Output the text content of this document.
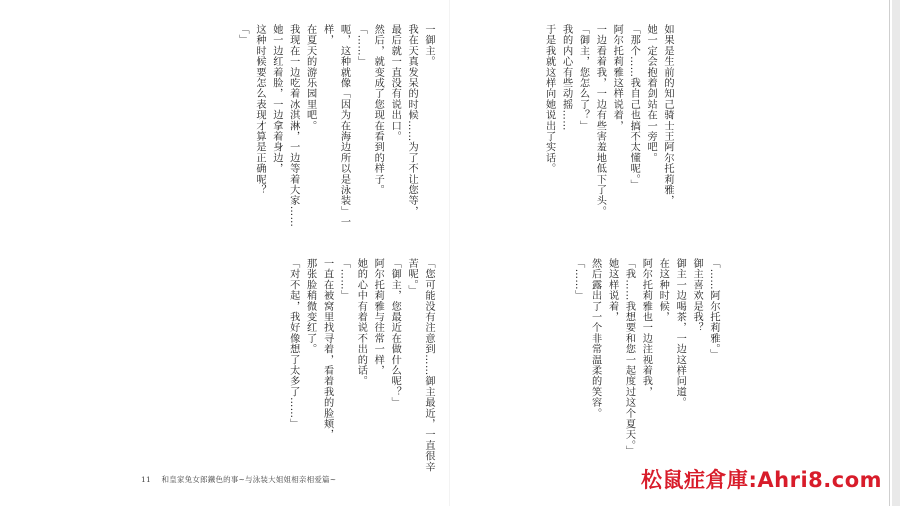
一御主。
我在天真发呆的时候……为了不让您等，
最后就一直没有说出口。
然后，就变成了您现在看到的样子。
「……」
呃，这种就像「因为在海边所以是泳装」一样，
在夏天的游乐园里吧。
我现在一边吃着冰淇淋，一边等着大家……
她一边红着脸，一边拿着身边，
这种时候要怎么表现才算是正确呢？
「」
「您可能没有注意到……御主最近，一直很辛苦呢。」
「御主，您最近在做什么呢？」
阿尔托莉雅与往常一样，
她的心中有着说不出的话。
「……」
一直在被窝里找寻着，看着我的脸颊，
那张脸稍微变红了。
「对不起，我好像想了太多了……」
11 和皇家兔女郎鐵色的事~与泳装大姐姐相亲相爱篇~
如果是生前的知己骑士王阿尔托莉雅，
她一定会抱着剑站在一旁吧。
「那个……我自己也搞不太懂呢。」
阿尔托莉雅这样说着，
一边看着我，一边有些害羞地低下了头。
「御主，您怎么了？」
我的内心有些动摇……
于是我就这样向她说出了实话。
「……阿尔托莉雅。」
御主喜欢是我？
御主一边喝茶，一边这样问道。
在这种时候，
阿尔托莉雅也一边注视着我，
「我……我想要和您一起度过这个夏天。」
她这样说着，
然后露出了一个非常温柔的笑容。
「……」
松鼠症倉庫:Ahri8.com
